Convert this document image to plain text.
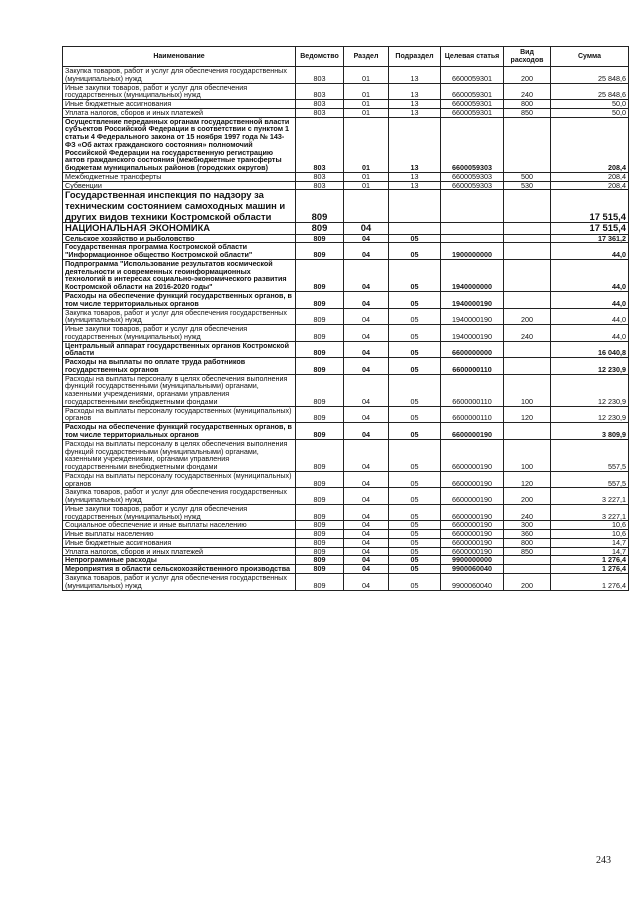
Наименование	Ведомство	Раздел	Подраздел	Целевая статья	Вид расходов	Сумма
Закупка товаров, работ и услуг для обеспечения государственных (муниципальных) нужд	803	01	13	6600059301	200	25 848,6
Иные закупки товаров, работ и услуг для обеспечения государственных (муниципальных) нужд	803	01	13	6600059301	240	25 848,6
Иные бюджетные ассигнования	803	01	13	6600059301	800	50,0
Уплата налогов, сборов и иных платежей	803	01	13	6600059301	850	50,0
Осуществление переданных органам государственной власти субъектов Российской Федерации в соответствии с пунктом 1 статьи 4 Федерального закона от 15 ноября 1997 года № 143-ФЗ «Об актах гражданского состояния» полномочий Российской Федерации на государственную регистрацию актов гражданского состояния (межбюджетные трансферты бюджетам муниципальных районов (городских округов)	803	01	13	6600059303		208,4
Межбюджетные трансферты	803	01	13	6600059303	500	208,4
Субвенции	803	01	13	6600059303	530	208,4
Государственная инспекция по надзору за техническим состоянием самоходных машин и других видов техники Костромской области	809					17 515,4
НАЦИОНАЛЬНАЯ ЭКОНОМИКА	809	04				17 515,4
Сельское хозяйство и рыболовство	809	04	05			17 361,2
Государственная программа Костромской области "Информационное общество Костромской области"	809	04	05	1900000000		44,0
Подпрограмма "Использование результатов космической деятельности и современных геоинформационных технологий в интересах социально-экономического развития Костромской области на 2016-2020 годы"	809	04	05	1940000000		44,0
Расходы на обеспечение функций государственных органов, в том числе территориальных органов	809	04	05	1940000190		44,0
Закупка товаров, работ и услуг для обеспечения государственных (муниципальных) нужд	809	04	05	1940000190	200	44,0
Иные закупки товаров, работ и услуг для обеспечения государственных (муниципальных) нужд	809	04	05	1940000190	240	44,0
Центральный аппарат государственных органов Костромской области	809	04	05	6600000000		16 040,8
Расходы на выплаты по оплате труда работников государственных органов	809	04	05	6600000110		12 230,9
Расходы на выплаты персоналу в целях обеспечения выполнения функций государственными (муниципальными) органами, казенными учреждениями, органами управления государственными внебюджетными фондами	809	04	05	6600000110	100	12 230,9
Расходы на выплаты персоналу государственных (муниципальных) органов	809	04	05	6600000110	120	12 230,9
Расходы на обеспечение функций государственных органов, в том числе территориальных органов	809	04	05	6600000190		3 809,9
Расходы на выплаты персоналу в целях обеспечения выполнения функций государственными (муниципальными) органами, казенными учреждениями, органами управления государственными внебюджетными фондами	809	04	05	6600000190	100	557,5
Расходы на выплаты персоналу государственных (муниципальных) органов	809	04	05	6600000190	120	557,5
Закупка товаров, работ и услуг для обеспечения государственных (муниципальных) нужд	809	04	05	6600000190	200	3 227,1
Иные закупки товаров, работ и услуг для обеспечения государственных (муниципальных) нужд	809	04	05	6600000190	240	3 227,1
Социальное обеспечение и иные выплаты населению	809	04	05	6600000190	300	10,6
Иные выплаты населению	809	04	05	6600000190	360	10,6
Иные бюджетные ассигнования	809	04	05	6600000190	800	14,7
Уплата налогов, сборов и иных платежей	809	04	05	6600000190	850	14,7
Непрограммные расходы	809	04	05	9900000000		1 276,4
Мероприятия в области сельскохозяйственного производства	809	04	05	9900060040		1 276,4
Закупка товаров, работ и услуг для обеспечения государственных (муниципальных) нужд	809	04	05	9900060040	200	1 276,4
243
